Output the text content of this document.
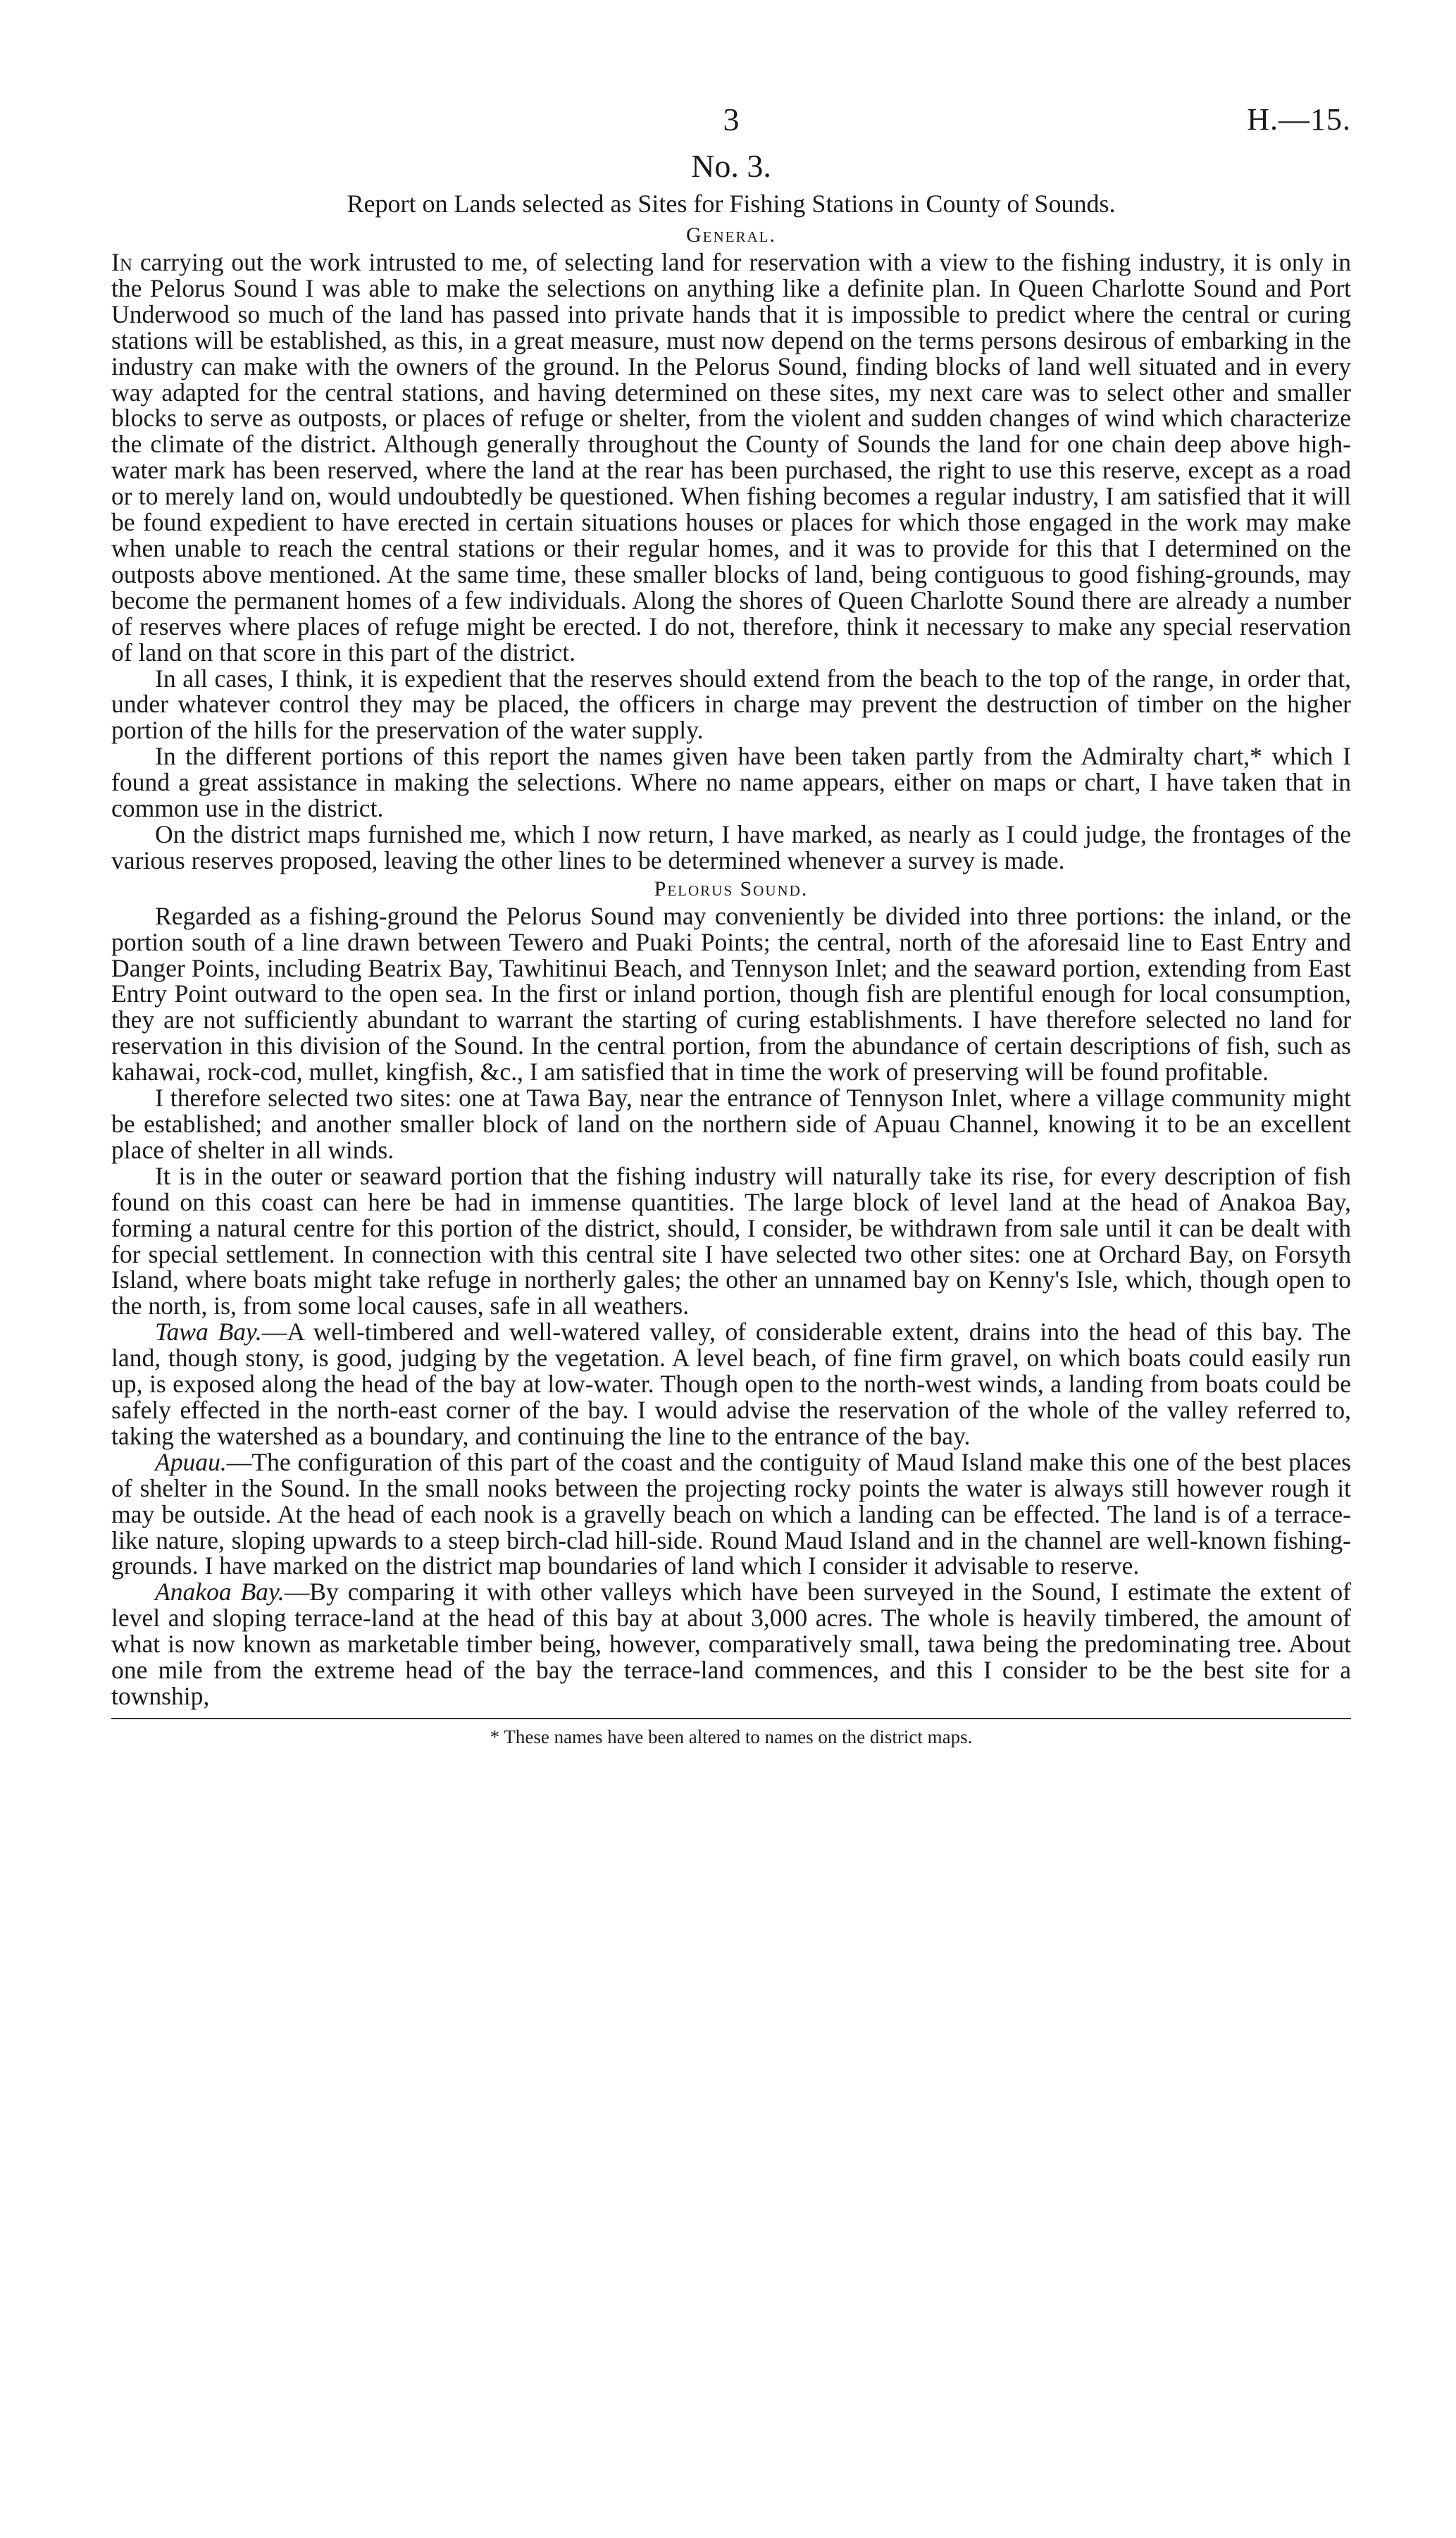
3	H.—15.
No. 3.
Report on Lands selected as Sites for Fishing Stations in County of Sounds.
General.

In carrying out the work intrusted to me, of selecting land for reservation with a view to the fishing industry, it is only in the Pelorus Sound I was able to make the selections on anything like a definite plan. In Queen Charlotte Sound and Port Underwood so much of the land has passed into private hands that it is impossible to predict where the central or curing stations will be established, as this, in a great measure, must now depend on the terms persons desirous of embarking in the industry can make with the owners of the ground. In the Pelorus Sound, finding blocks of land well situated and in every way adapted for the central stations, and having determined on these sites, my next care was to select other and smaller blocks to serve as outposts, or places of refuge or shelter, from the violent and sudden changes of wind which characterize the climate of the district. Although generally throughout the County of Sounds the land for one chain deep above high-water mark has been reserved, where the land at the rear has been purchased, the right to use this reserve, except as a road or to merely land on, would undoubtedly be questioned. When fishing becomes a regular industry, I am satisfied that it will be found expedient to have erected in certain situations houses or places for which those engaged in the work may make when unable to reach the central stations or their regular homes, and it was to provide for this that I determined on the outposts above mentioned. At the same time, these smaller blocks of land, being contiguous to good fishing-grounds, may become the permanent homes of a few individuals. Along the shores of Queen Charlotte Sound there are already a number of reserves where places of refuge might be erected. I do not, therefore, think it necessary to make any special reservation of land on that score in this part of the district.

In all cases, I think, it is expedient that the reserves should extend from the beach to the top of the range, in order that, under whatever control they may be placed, the officers in charge may prevent the destruction of timber on the higher portion of the hills for the preservation of the water supply.

In the different portions of this report the names given have been taken partly from the Admiralty chart,* which I found a great assistance in making the selections. Where no name appears, either on maps or chart, I have taken that in common use in the district.

On the district maps furnished me, which I now return, I have marked, as nearly as I could judge, the frontages of the various reserves proposed, leaving the other lines to be determined whenever a survey is made.

Pelorus Sound.

Regarded as a fishing-ground the Pelorus Sound may conveniently be divided into three portions: the inland, or the portion south of a line drawn between Tewero and Puaki Points; the central, north of the aforesaid line to East Entry and Danger Points, including Beatrix Bay, Tawhitinui Beach, and Tennyson Inlet; and the seaward portion, extending from East Entry Point outward to the open sea. In the first or inland portion, though fish are plentiful enough for local consumption, they are not sufficiently abundant to warrant the starting of curing establishments. I have therefore selected no land for reservation in this division of the Sound. In the central portion, from the abundance of certain descriptions of fish, such as kahawai, rock-cod, mullet, kingfish, &c., I am satisfied that in time the work of preserving will be found profitable.

I therefore selected two sites: one at Tawa Bay, near the entrance of Tennyson Inlet, where a village community might be established; and another smaller block of land on the northern side of Apuau Channel, knowing it to be an excellent place of shelter in all winds.

It is in the outer or seaward portion that the fishing industry will naturally take its rise, for every description of fish found on this coast can here be had in immense quantities. The large block of level land at the head of Anakoa Bay, forming a natural centre for this portion of the district, should, I consider, be withdrawn from sale until it can be dealt with for special settlement. In connection with this central site I have selected two other sites: one at Orchard Bay, on Forsyth Island, where boats might take refuge in northerly gales; the other an unnamed bay on Kenny's Isle, which, though open to the north, is, from some local causes, safe in all weathers.

Tawa Bay.—A well-timbered and well-watered valley, of considerable extent, drains into the head of this bay. The land, though stony, is good, judging by the vegetation. A level beach, of fine firm gravel, on which boats could easily run up, is exposed along the head of the bay at low-water. Though open to the north-west winds, a landing from boats could be safely effected in the north-east corner of the bay. I would advise the reservation of the whole of the valley referred to, taking the watershed as a boundary, and continuing the line to the entrance of the bay.

Apuau.—The configuration of this part of the coast and the contiguity of Maud Island make this one of the best places of shelter in the Sound. In the small nooks between the projecting rocky points the water is always still however rough it may be outside. At the head of each nook is a gravelly beach on which a landing can be effected. The land is of a terrace-like nature, sloping upwards to a steep birch-clad hill-side. Round Maud Island and in the channel are well-known fishing-grounds. I have marked on the district map boundaries of land which I consider it advisable to reserve.

Anakoa Bay.—By comparing it with other valleys which have been surveyed in the Sound, I estimate the extent of level and sloping terrace-land at the head of this bay at about 3,000 acres. The whole is heavily timbered, the amount of what is now known as marketable timber being, however, comparatively small, tawa being the predominating tree. About one mile from the extreme head of the bay the terrace-land commences, and this I consider to be the best site for a township,

* These names have been altered to names on the district maps.
